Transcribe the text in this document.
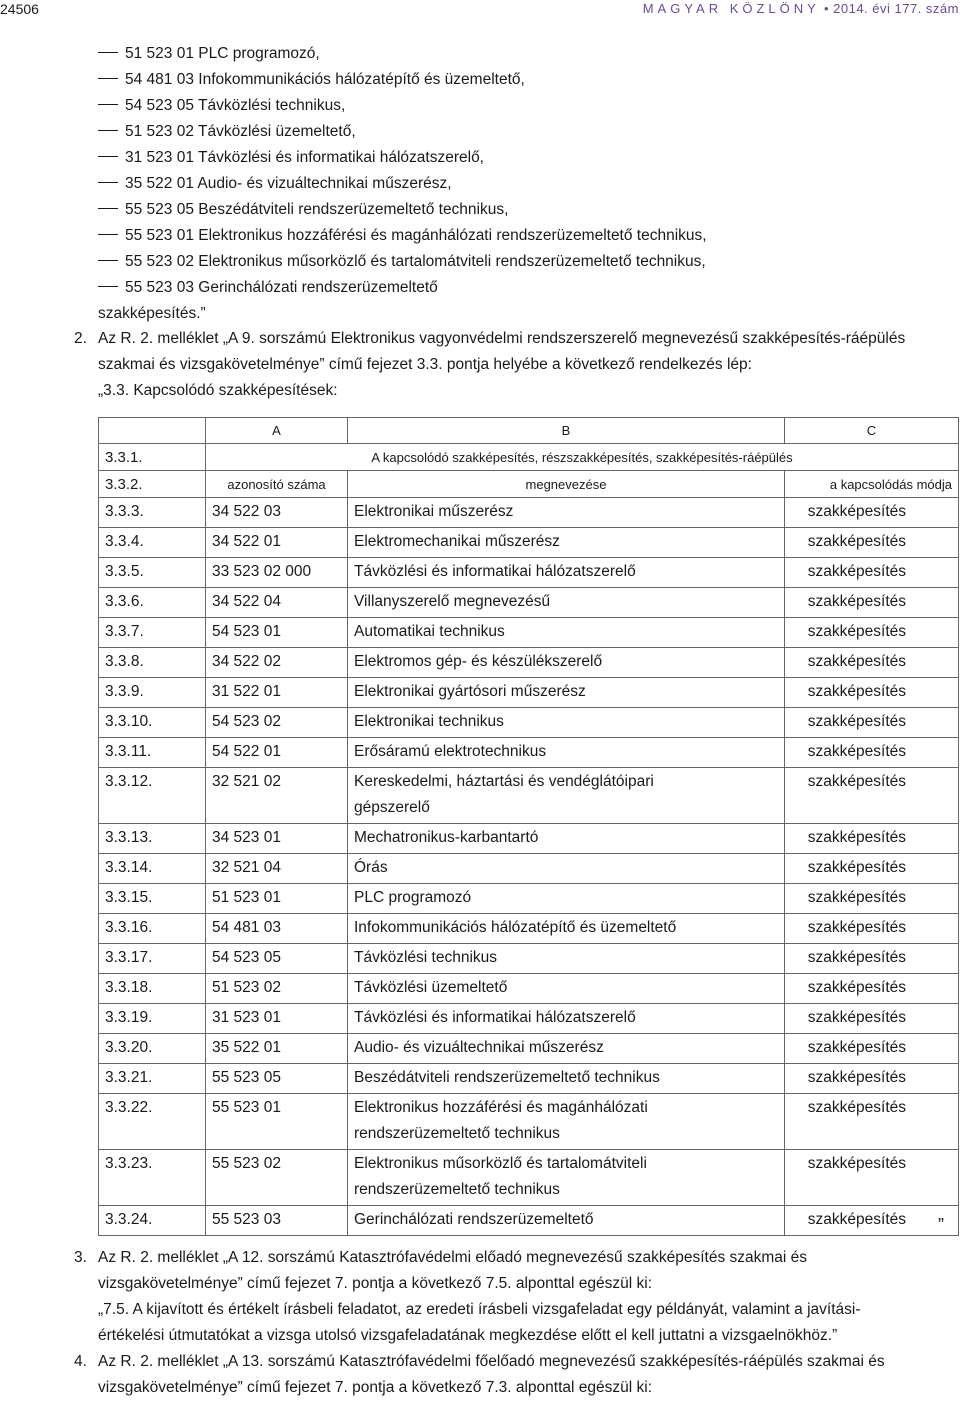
24506	MAGYAR KÖZLÖNY • 2014. évi 177. szám
51 523 01 PLC programozó,
54 481 03 Infokommunikációs hálózatépítő és üzemeltető,
54 523 05 Távközlési technikus,
51 523 02 Távközlési üzemeltető,
31 523 01 Távközlési és informatikai hálózatszerelő,
35 522 01 Audio- és vizuáltechnikai műszerész,
55 523 05 Beszédátviteli rendszerüzemeltető technikus,
55 523 01 Elektronikus hozzáférési és magánhálózati rendszerüzemeltető technikus,
55 523 02 Elektronikus műsorközlő és tartalomátviteli rendszerüzemeltető technikus,
55 523 03 Gerinchálózati rendszerüzemeltető
szakképesítés.”
2. Az R. 2. melléklet „A 9. sorszámú Elektronikus vagyonvédelmi rendszerszerelő megnevezésű szakképesítés-ráépülés
szakmai és vizsgakövetelménye” című fejezet 3.3. pontja helyébe a következő rendelkezés lép:
„3.3. Kapcsolódó szakképesítések:
	A	B	C
3.3.1.	A kapcsolódó szakképesítés, részszakképesítés, szakképesítés-ráépülés		
3.3.2.	azonosító száma	megnevezése	a kapcsolódás módja
3.3.3.	34 522 03	Elektronikai műszerész	szakképesítés
3.3.4.	34 522 01	Elektromechanikai műszerész	szakképesítés
3.3.5.	33 523 02 000	Távközlési és informatikai hálózatszerelő	szakképesítés
3.3.6.	34 522 04	Villanyszerelő megnevezésű	szakképesítés
3.3.7.	54 523 01	Automatikai technikus	szakképesítés
3.3.8.	34 522 02	Elektromos gép- és készülékszerelő	szakképesítés
3.3.9.	31 522 01	Elektronikai gyártósori műszerész	szakképesítés
3.3.10.	54 523 02	Elektronikai technikus	szakképesítés
3.3.11.	54 522 01	Erősáramú elektrotechnikus	szakképesítés
3.3.12.	32 521 02	Kereskedelmi, háztartási és vendéglátóipari
gépszerelő	szakképesítés
3.3.13.	34 523 01	Mechatronikus-karbantartó	szakképesítés
3.3.14.	32 521 04	Órás	szakképesítés
3.3.15.	51 523 01	PLC programozó	szakképesítés
3.3.16.	54 481 03	Infokommunikációs hálózatépítő és üzemeltető	szakképesítés
3.3.17.	54 523 05	Távközlési technikus	szakképesítés
3.3.18.	51 523 02	Távközlési üzemeltető	szakképesítés
3.3.19.	31 523 01	Távközlési és informatikai hálózatszerelő	szakképesítés
3.3.20.	35 522 01	Audio- és vizuáltechnikai műszerész	szakképesítés
3.3.21.	55 523 05	Beszédátviteli rendszerüzemeltető technikus	szakképesítés
3.3.22.	55 523 01	Elektronikus hozzáférési és magánhálózati
rendszerüzemeltető technikus	szakképesítés
3.3.23.	55 523 02	Elektronikus műsorközlő és tartalomátviteli
rendszerüzemeltető technikus	szakképesítés
3.3.24.	55 523 03	Gerinchálózati rendszerüzemeltető	szakképesítés ”
3. Az R. 2. melléklet „A 12. sorszámú Katasztrófavédelmi előadó megnevezésű szakképesítés szakmai és
vizsgakövetelménye” című fejezet 7. pontja a következő 7.5. alponttal egészül ki:
„7.5. A kijavított és értékelt írásbeli feladatot, az eredeti írásbeli vizsgafeladat egy példányát, valamint a javítási-
értékelési útmutatókat a vizsga utolsó vizsgafeladatának megkezdése előtt el kell juttatni a vizsgaelnökhöz.”
4. Az R. 2. melléklet „A 13. sorszámú Katasztrófavédelmi főelőadó megnevezésű szakképesítés-ráépülés szakmai és
vizsgakövetelménye” című fejezet 7. pontja a következő 7.3. alponttal egészül ki:
